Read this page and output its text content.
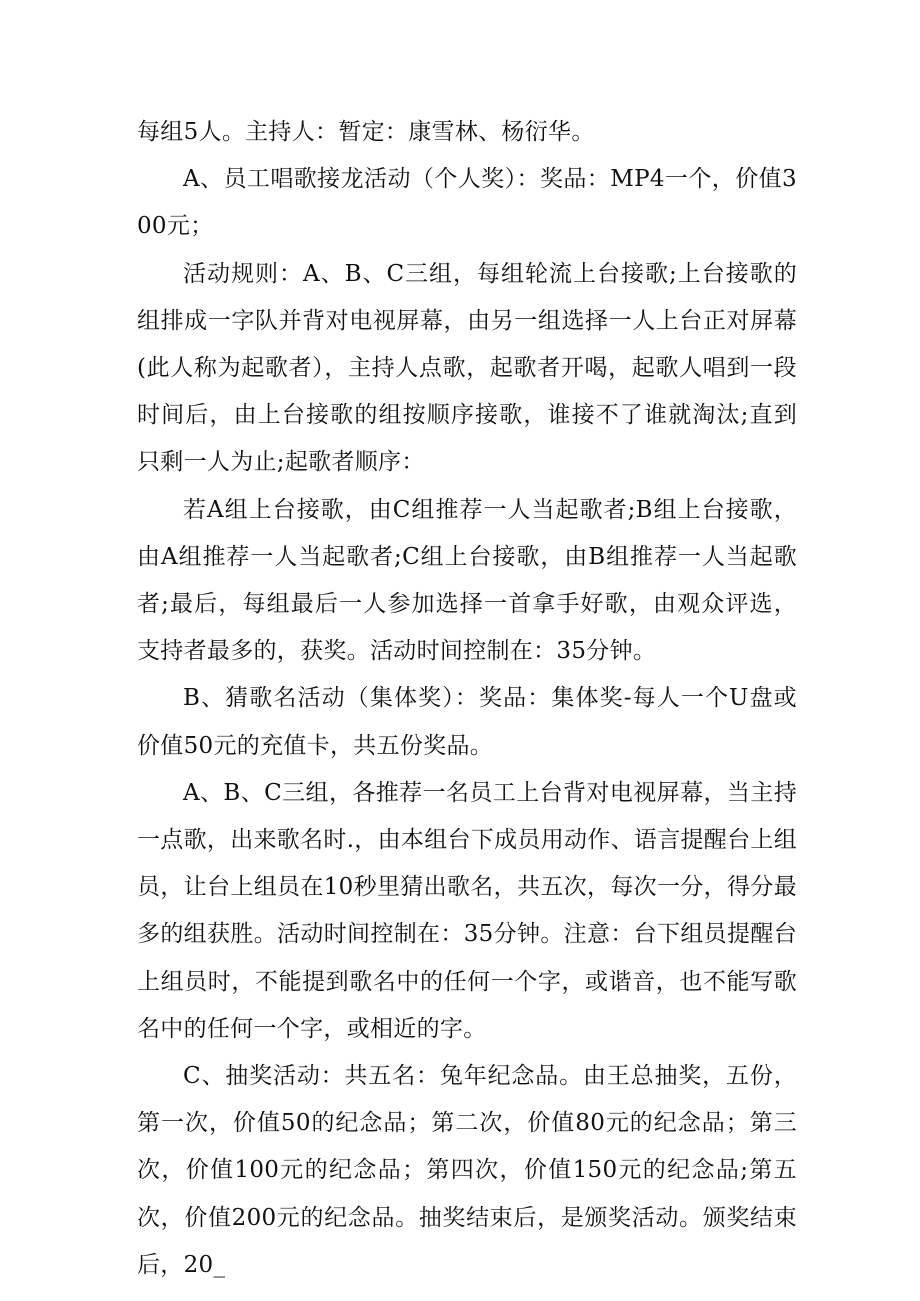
每组5人。主持人：暂定：康雪林、杨衍华。

A、员工唱歌接龙活动（个人奖）：奖品：MP4一个，价值300元；

活动规则：A、B、C三组，每组轮流上台接歌;上台接歌的组排成一字队并背对电视屏幕，由另一组选择一人上台正对屏幕(此人称为起歌者），主持人点歌，起歌者开喝，起歌人唱到一段时间后，由上台接歌的组按顺序接歌，谁接不了谁就淘汰;直到只剩一人为止;起歌者顺序：

若A组上台接歌，由C组推荐一人当起歌者;B组上台接歌，由A组推荐一人当起歌者;C组上台接歌，由B组推荐一人当起歌者;最后，每组最后一人参加选择一首拿手好歌，由观众评选，支持者最多的，获奖。活动时间控制在：35分钟。

B、猜歌名活动（集体奖）：奖品：集体奖-每人一个U盘或价值50元的充值卡，共五份奖品。

A、B、C三组，各推荐一名员工上台背对电视屏幕，当主持一点歌，出来歌名时.，由本组台下成员用动作、语言提醒台上组员，让台上组员在10秒里猜出歌名，共五次，每次一分，得分最多的组获胜。活动时间控制在：35分钟。注意：台下组员提醒台上组员时，不能提到歌名中的任何一个字，或谐音，也不能写歌名中的任何一个字，或相近的字。

C、抽奖活动：共五名：兔年纪念品。由王总抽奖，五份，第一次，价值50的纪念品；第二次，价值80元的纪念品；第三次，价值100元的纪念品；第四次，价值150元的纪念品;第五次，价值200元的纪念品。抽奖结束后，是颁奖活动。颁奖结束后，20_
